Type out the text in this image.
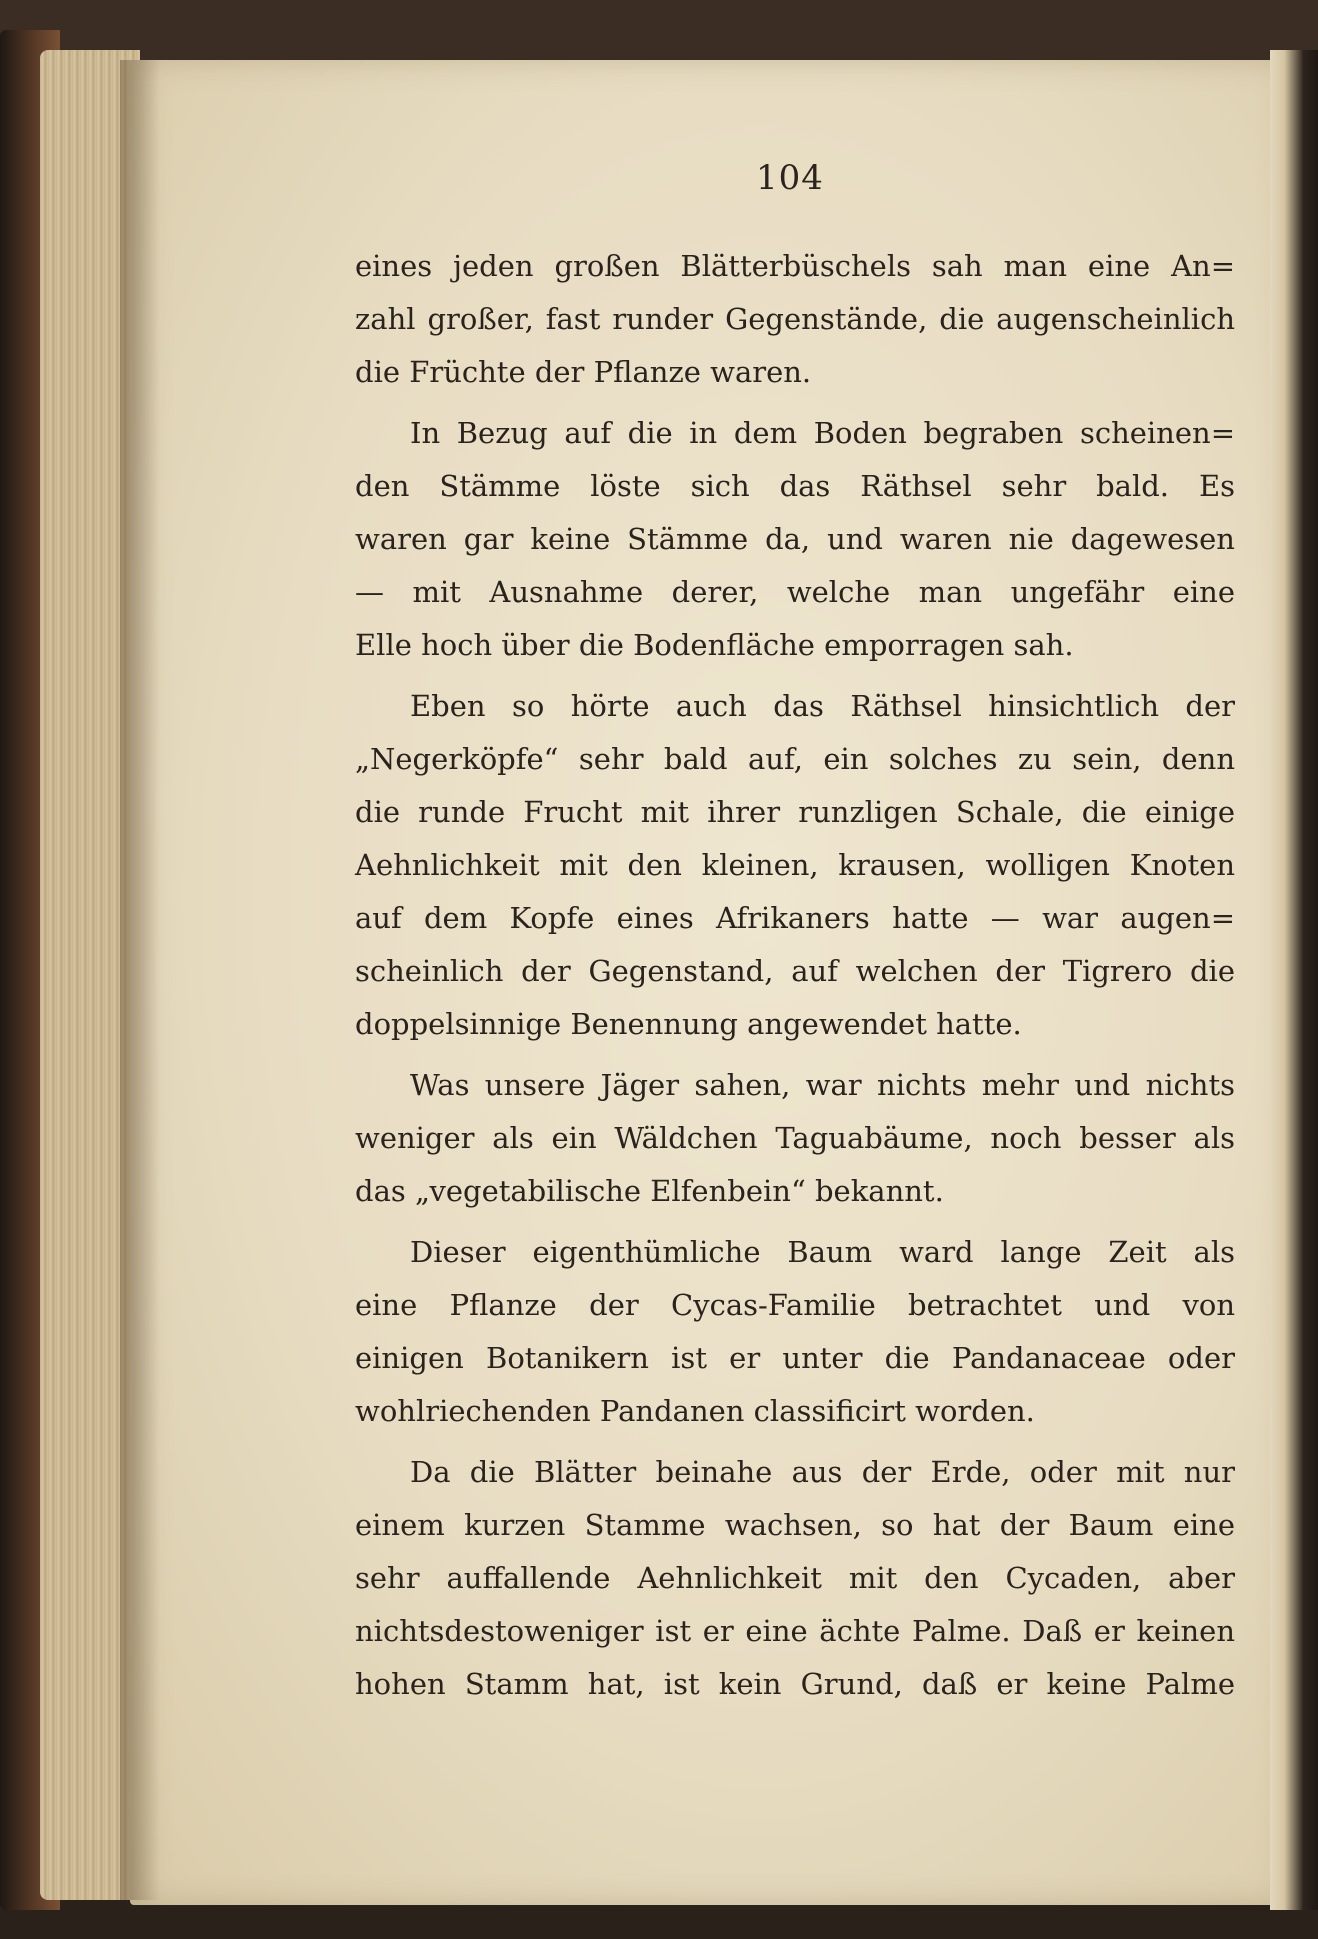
104

eines jeden großen Blätterbüschels sah man eine An=
zahl großer, fast runder Gegenstände, die augenscheinlich
die Früchte der Pflanze waren.

In Bezug auf die in dem Boden begraben scheinen=
den Stämme löste sich das Räthsel sehr bald. Es
waren gar keine Stämme da, und waren nie dagewesen
— mit Ausnahme derer, welche man ungefähr eine
Elle hoch über die Bodenfläche emporragen sah.

Eben so hörte auch das Räthsel hinsichtlich der
„Negerköpfe“ sehr bald auf, ein solches zu sein, denn
die runde Frucht mit ihrer runzligen Schale, die einige
Aehnlichkeit mit den kleinen, krausen, wolligen Knoten
auf dem Kopfe eines Afrikaners hatte — war augen=
scheinlich der Gegenstand, auf welchen der Tigrero die
doppelsinnige Benennung angewendet hatte.

Was unsere Jäger sahen, war nichts mehr und nichts
weniger als ein Wäldchen Taguabäume, noch besser als
das „vegetabilische Elfenbein“ bekannt.

Dieser eigenthümliche Baum ward lange Zeit als
eine Pflanze der Cycas-Familie betrachtet und von
einigen Botanikern ist er unter die Pandanaceae oder
wohlriechenden Pandanen classificirt worden.

Da die Blätter beinahe aus der Erde, oder mit nur
einem kurzen Stamme wachsen, so hat der Baum eine
sehr auffallende Aehnlichkeit mit den Cycaden, aber
nichtsdestoweniger ist er eine ächte Palme. Daß er keinen
hohen Stamm hat, ist kein Grund, daß er keine Palme
